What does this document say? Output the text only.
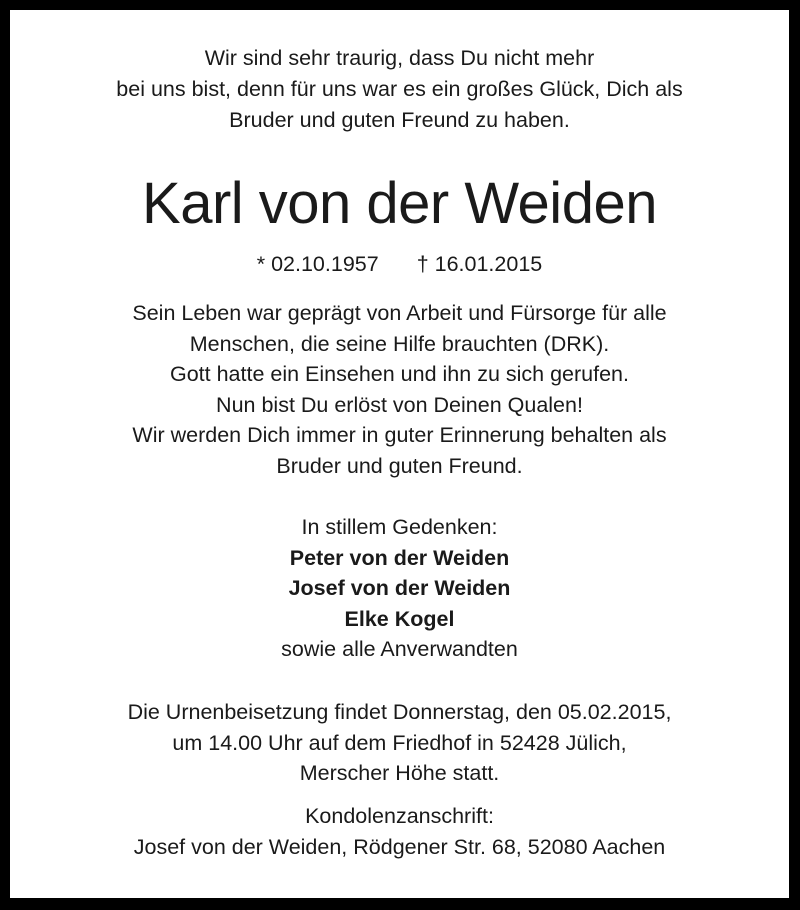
Wir sind sehr traurig, dass Du nicht mehr
bei uns bist, denn für uns war es ein großes Glück, Dich als
Bruder und guten Freund zu haben.
Karl von der Weiden
* 02.10.1957 † 16.01.2015
Sein Leben war geprägt von Arbeit und Fürsorge für alle
Menschen, die seine Hilfe brauchten (DRK).
Gott hatte ein Einsehen und ihn zu sich gerufen.
Nun bist Du erlöst von Deinen Qualen!
Wir werden Dich immer in guter Erinnerung behalten als
Bruder und guten Freund.
In stillem Gedenken:
Peter von der Weiden
Josef von der Weiden
Elke Kogel
sowie alle Anverwandten
Die Urnenbeisetzung findet Donnerstag, den 05.02.2015,
um 14.00 Uhr auf dem Friedhof in 52428 Jülich,
Merscher Höhe statt.
Kondolenzanschrift:
Josef von der Weiden, Rödgener Str. 68, 52080 Aachen
